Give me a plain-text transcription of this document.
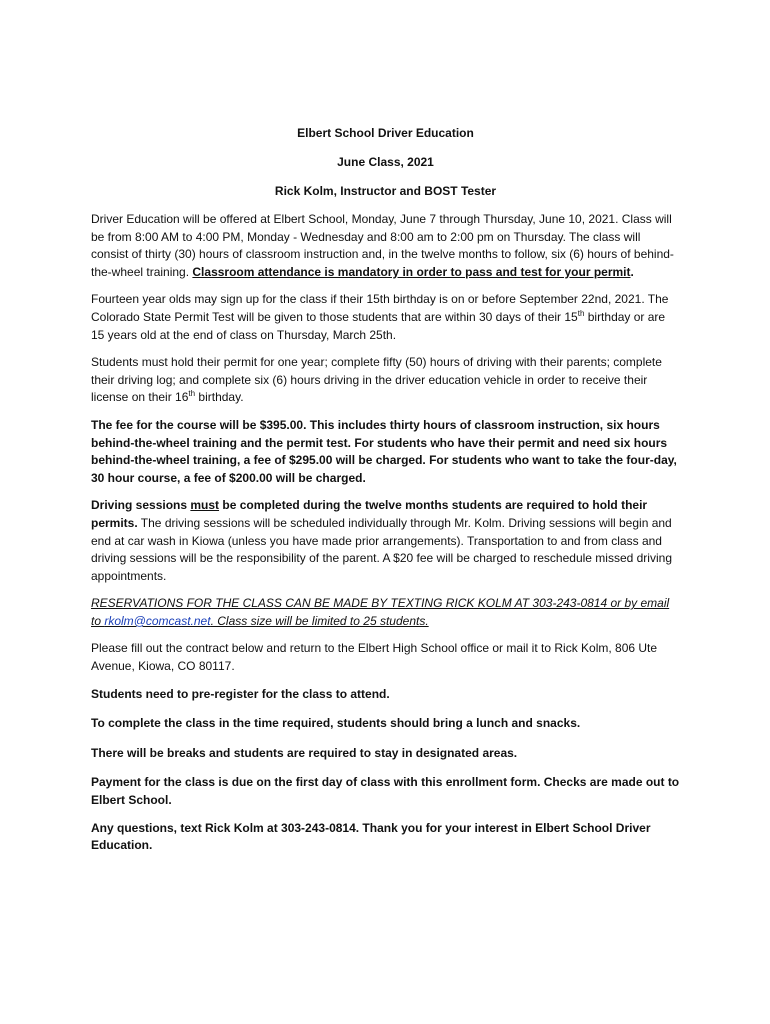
Elbert School Driver Education

June Class, 2021

Rick Kolm, Instructor and BOST Tester

Driver Education will be offered at Elbert School, Monday, June 7 through Thursday, June 10, 2021. Class will be from 8:00 AM to 4:00 PM, Monday - Wednesday and 8:00 am to 2:00 pm on Thursday. The class will consist of thirty (30) hours of classroom instruction and, in the twelve months to follow, six (6) hours of behind-the-wheel training. Classroom attendance is mandatory in order to pass and test for your permit.

Fourteen year olds may sign up for the class if their 15th birthday is on or before September 22nd, 2021. The Colorado State Permit Test will be given to those students that are within 30 days of their 15th birthday or are 15 years old at the end of class on Thursday, March 25th.

Students must hold their permit for one year; complete fifty (50) hours of driving with their parents; complete their driving log; and complete six (6) hours driving in the driver education vehicle in order to receive their license on their 16th birthday.

The fee for the course will be $395.00. This includes thirty hours of classroom instruction, six hours behind-the-wheel training and the permit test. For students who have their permit and need six hours behind-the-wheel training, a fee of $295.00 will be charged. For students who want to take the four-day, 30 hour course, a fee of $200.00 will be charged.

Driving sessions must be completed during the twelve months students are required to hold their permits. The driving sessions will be scheduled individually through Mr. Kolm. Driving sessions will begin and end at car wash in Kiowa (unless you have made prior arrangements). Transportation to and from class and driving sessions will be the responsibility of the parent. A $20 fee will be charged to reschedule missed driving appointments.

RESERVATIONS FOR THE CLASS CAN BE MADE BY TEXTING RICK KOLM AT 303-243-0814 or by email to rkolm@comcast.net. Class size will be limited to 25 students.

Please fill out the contract below and return to the Elbert High School office or mail it to Rick Kolm, 806 Ute Avenue, Kiowa, CO 80117.

Students need to pre-register for the class to attend.

To complete the class in the time required, students should bring a lunch and snacks.

There will be breaks and students are required to stay in designated areas.

Payment for the class is due on the first day of class with this enrollment form. Checks are made out to Elbert School.

Any questions, text Rick Kolm at 303-243-0814. Thank you for your interest in Elbert School Driver Education.
